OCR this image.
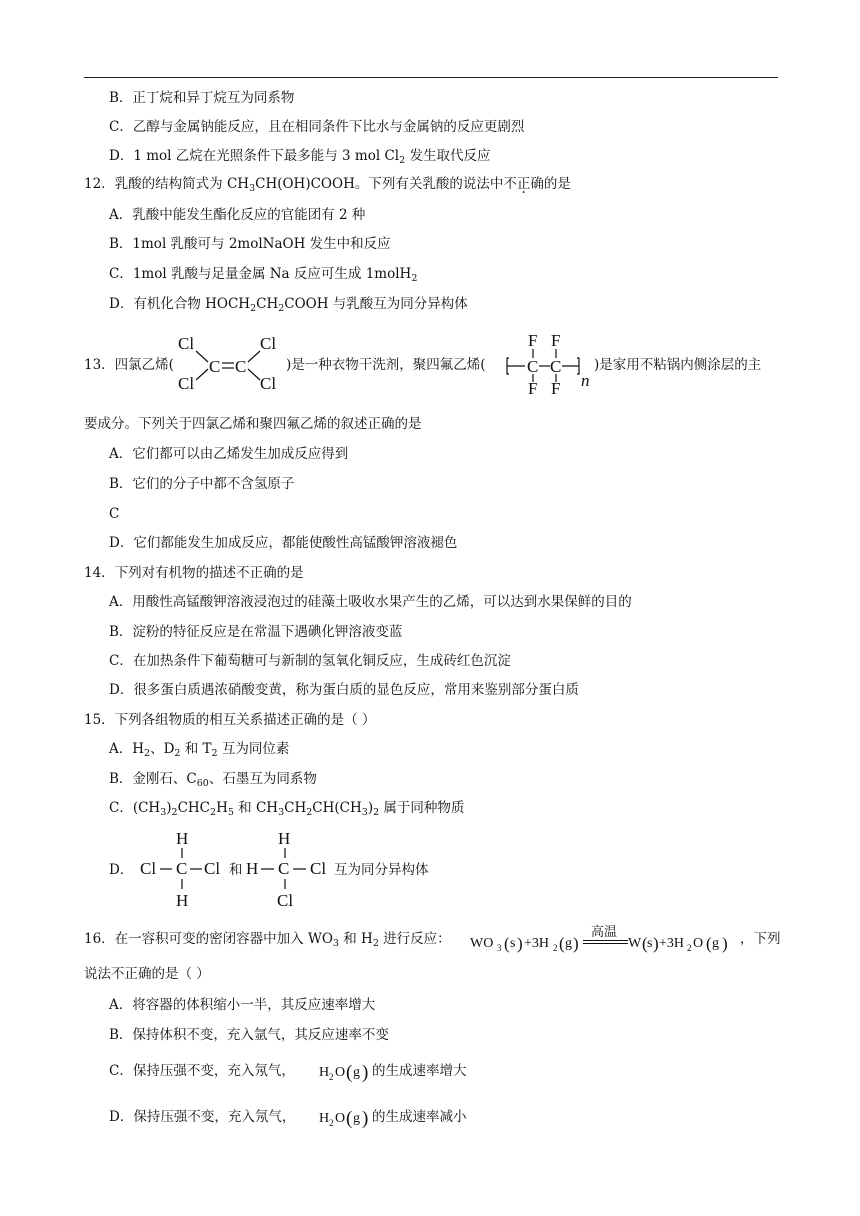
B．正丁烷和异丁烷互为同系物
C．乙醇与金属钠能反应，且在相同条件下比水与金属钠的反应更剧烈
D．1 mol 乙烷在光照条件下最多能与 3 mol $Cl_2$ 发生取代反应
12．乳酸的结构简式为 $CH_3CH(OH)COOH$。下列有关乳酸的说法中不正确的是
A．乳酸中能发生酯化反应的官能团有 2 种
B．1mol 乳酸可与 2molNaOH 发生中和反应
C．1mol 乳酸与足量金属 Na 反应可生成 1molH$_2$
D．有机化合物 $HOCH_2CH_2COOH$ 与乳酸互为同分异构体
13．四氯乙烯(
Cl
Cl
C C
Cl
Cl
)是一种衣物干洗剂，聚四氟乙烯(
F F
C C
F F n
)是家用不粘锅内侧涂层的主
要成分。下列关于四氯乙烯和聚四氟乙烯的叙述正确的是
A．它们都可以由乙烯发生加成反应得到
B．它们的分子中都不含氢原子
C
D．它们都能发生加成反应，都能使酸性高锰酸钾溶液褪色
14．下列对有机物的描述不正确的是
A．用酸性高锰酸钾溶液浸泡过的硅藻土吸收水果产生的乙烯，可以达到水果保鲜的目的
B．淀粉的特征反应是在常温下遇碘化钾溶液变蓝
C．在加热条件下葡萄糖可与新制的氢氧化铜反应，生成砖红色沉淀
D．很多蛋白质遇浓硝酸变黄，称为蛋白质的显色反应，常用来鉴别部分蛋白质
15．下列各组物质的相互关系描述正确的是（ ）
A．$H_2$、$D_2$ 和 $T_2$ 互为同位素
B．金刚石、$C_{60}$、石墨互为同系物
C．$(CH_3)_2CHC_2H_5$ 和 $CH_3CH_2CH(CH_3)_2$ 属于同种物质
D．
H
Cl C Cl
H
和
H
H C Cl
Cl
互为同分异构体
16．在一容积可变的密闭容器中加入 $WO_3$ 和 $H_2$ 进行反应： WO 3 ( s ) +3H 2 ( g )
高温
W ( s ) +3H 2 O ( g ) ，下列
说法不正确的是（ ）
A．将容器的体积缩小一半，其反应速率增大
B．保持体积不变，充入氩气，其反应速率不变
C．保持压强不变，充入氖气， H 2 O ( g ) 的生成速率增大
D．保持压强不变，充入氖气， H 2 O ( g ) 的生成速率减小
